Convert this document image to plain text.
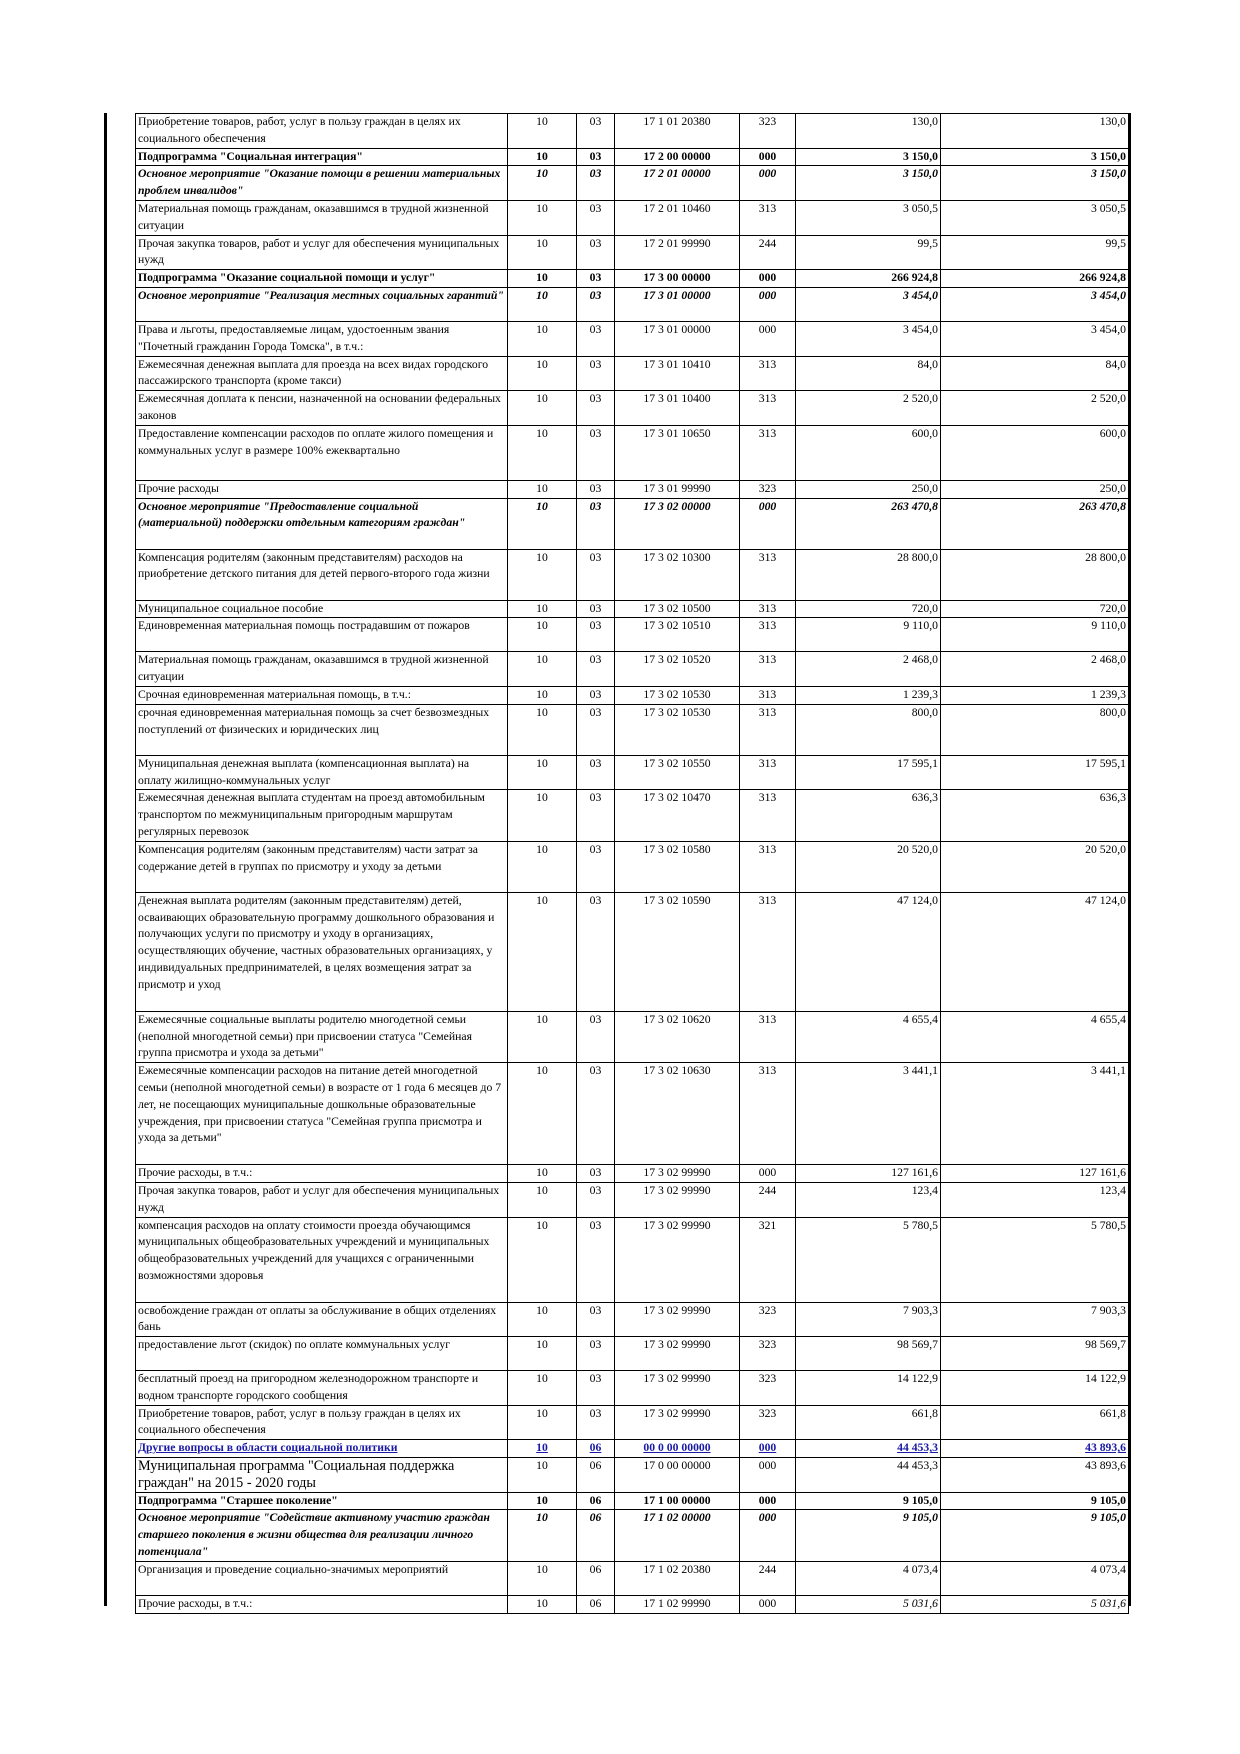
Приобретение товаров, работ, услуг в пользу граждан в целях их социального обеспечения	10	03	17 1 01 20380	323	130,0	130,0
Подпрограмма "Социальная интеграция"	10	03	17 2 00 00000	000	3 150,0	3 150,0
Основное мероприятие "Оказание помощи в решении материальных проблем инвалидов"	10	03	17 2 01 00000	000	3 150,0	3 150,0
Материальная помощь гражданам, оказавшимся в трудной жизненной ситуации	10	03	17 2 01 10460	313	3 050,5	3 050,5
Прочая закупка товаров, работ и услуг для обеспечения муниципальных нужд	10	03	17 2 01 99990	244	99,5	99,5
Подпрограмма "Оказание социальной помощи и услуг"	10	03	17 3 00 00000	000	266 924,8	266 924,8
Основное мероприятие "Реализация местных социальных гарантий"	10	03	17 3 01 00000	000	3 454,0	3 454,0
Права и льготы, предоставляемые лицам, удостоенным звания "Почетный гражданин Города Томска", в т.ч.:	10	03	17 3 01 00000	000	3 454,0	3 454,0
Ежемесячная денежная выплата для проезда на всех видах городского пассажирского транспорта (кроме такси)	10	03	17 3 01 10410	313	84,0	84,0
Ежемесячная доплата к пенсии, назначенной на основании федеральных законов	10	03	17 3 01 10400	313	2 520,0	2 520,0
Предоставление компенсации расходов по оплате жилого помещения и коммунальных услуг в размере 100% ежеквартально	10	03	17 3 01 10650	313	600,0	600,0
Прочие расходы	10	03	17 3 01 99990	323	250,0	250,0
Основное мероприятие "Предоставление социальной (материальной) поддержки отдельным категориям граждан"	10	03	17 3 02 00000	000	263 470,8	263 470,8
Компенсация родителям (законным представителям) расходов на приобретение детского питания для детей первого-второго года жизни	10	03	17 3 02 10300	313	28 800,0	28 800,0
Муниципальное социальное пособие	10	03	17 3 02 10500	313	720,0	720,0
Единовременная материальная помощь пострадавшим от пожаров	10	03	17 3 02 10510	313	9 110,0	9 110,0
Материальная помощь гражданам, оказавшимся в трудной жизненной ситуации	10	03	17 3 02 10520	313	2 468,0	2 468,0
Срочная единовременная материальная помощь, в т.ч.:	10	03	17 3 02 10530	313	1 239,3	1 239,3
срочная единовременная материальная помощь за счет безвозмездных поступлений от физических и юридических лиц	10	03	17 3 02 10530	313	800,0	800,0
Муниципальная денежная выплата (компенсационная выплата) на оплату жилищно-коммунальных услуг	10	03	17 3 02 10550	313	17 595,1	17 595,1
Ежемесячная денежная выплата студентам на проезд автомобильным транспортом по межмуниципальным пригородным маршрутам регулярных перевозок	10	03	17 3 02 10470	313	636,3	636,3
Компенсация родителям (законным представителям) части затрат за содержание детей в группах по присмотру и уходу за детьми	10	03	17 3 02 10580	313	20 520,0	20 520,0
Денежная выплата родителям (законным представителям) детей, осваивающих образовательную программу дошкольного образования и получающих услуги по присмотру и уходу в организациях, осуществляющих обучение, частных образовательных организациях, у индивидуальных предпринимателей, в целях возмещения затрат за присмотр и уход	10	03	17 3 02 10590	313	47 124,0	47 124,0
Ежемесячные социальные выплаты родителю многодетной семьи (неполной многодетной семьи) при присвоении статуса "Семейная группа присмотра и ухода за детьми"	10	03	17 3 02 10620	313	4 655,4	4 655,4
Ежемесячные компенсации расходов на питание детей многодетной семьи (неполной многодетной семьи) в возрасте от 1 года 6 месяцев до 7 лет, не посещающих муниципальные дошкольные образовательные учреждения, при присвоении статуса "Семейная группа присмотра и ухода за детьми"	10	03	17 3 02 10630	313	3 441,1	3 441,1
Прочие расходы, в т.ч.:	10	03	17 3 02 99990	000	127 161,6	127 161,6
Прочая закупка товаров, работ и услуг для обеспечения муниципальных нужд	10	03	17 3 02 99990	244	123,4	123,4
компенсация расходов на оплату стоимости проезда обучающимся муниципальных общеобразовательных учреждений и муниципальных общеобразовательных учреждений для учащихся с ограниченными возможностями здоровья	10	03	17 3 02 99990	321	5 780,5	5 780,5
освобождение граждан от оплаты за обслуживание в общих отделениях бань	10	03	17 3 02 99990	323	7 903,3	7 903,3
предоставление льгот (скидок) по оплате коммунальных услуг	10	03	17 3 02 99990	323	98 569,7	98 569,7
бесплатный проезд на пригородном железнодорожном транспорте и водном транспорте городского сообщения	10	03	17 3 02 99990	323	14 122,9	14 122,9
Приобретение товаров, работ, услуг в пользу граждан в целях их социального обеспечения	10	03	17 3 02 99990	323	661,8	661,8
Другие вопросы в области социальной политики	10	06	00 0 00 00000	000	44 453,3	43 893,6
Муниципальная программа "Социальная поддержка граждан" на 2015 - 2020 годы	10	06	17 0 00 00000	000	44 453,3	43 893,6
Подпрограмма "Старшее поколение"	10	06	17 1 00 00000	000	9 105,0	9 105,0
Основное мероприятие "Содействие активному участию граждан старшего поколения в жизни общества для реализации личного потенциала"	10	06	17 1 02 00000	000	9 105,0	9 105,0
Организация и проведение социально-значимых мероприятий	10	06	17 1 02 20380	244	4 073,4	4 073,4
Прочие расходы, в т.ч.:	10	06	17 1 02 99990	000	5 031,6	5 031,6
